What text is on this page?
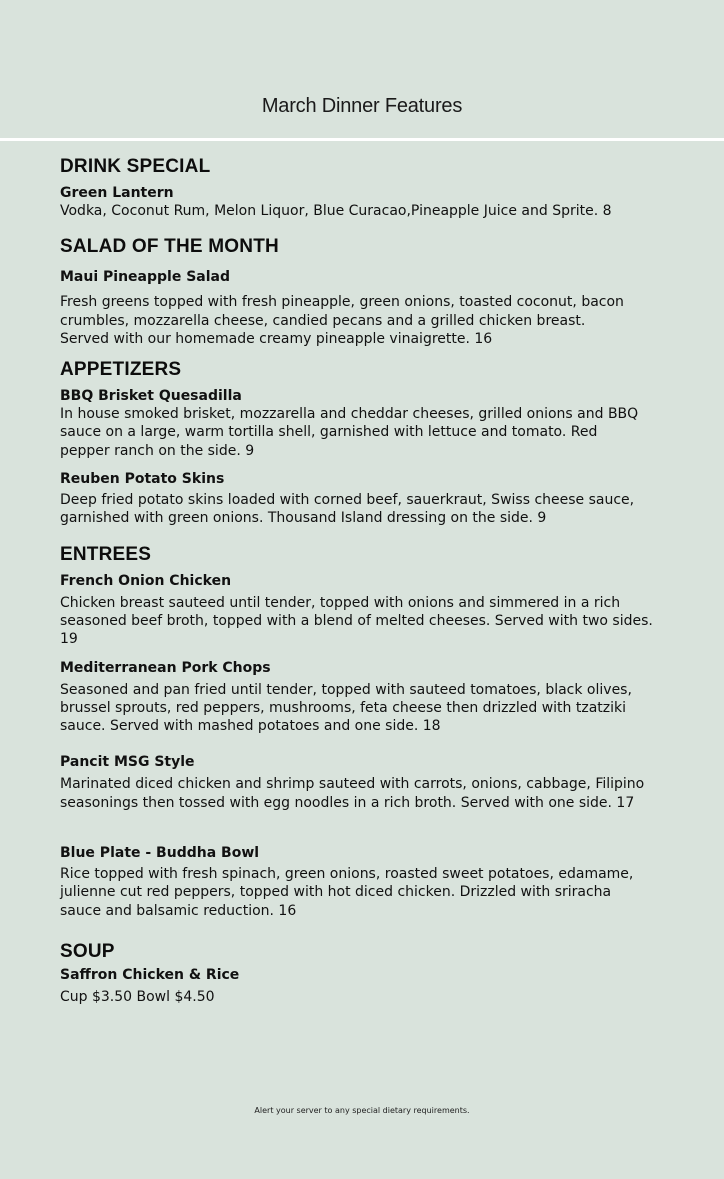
March Dinner Features
DRINK SPECIAL

Green Lantern

Vodka, Coconut Rum, Melon Liquor, Blue Curacao,Pineapple Juice and Sprite. 8

SALAD OF THE MONTH

Maui Pineapple Salad

Fresh greens topped with fresh pineapple, green onions, toasted coconut, bacon
crumbles, mozzarella cheese, candied pecans and a grilled chicken breast.
Served with our homemade creamy pineapple vinaigrette. 16

APPETIZERS

BBQ Brisket Quesadilla

In house smoked brisket, mozzarella and cheddar cheeses, grilled onions and BBQ
sauce on a large, warm tortilla shell, garnished with lettuce and tomato. Red
pepper ranch on the side. 9

Reuben Potato Skins

Deep fried potato skins loaded with corned beef, sauerkraut, Swiss cheese sauce,
garnished with green onions. Thousand Island dressing on the side. 9

ENTREES

French Onion Chicken

Chicken breast sauteed until tender, topped with onions and simmered in a rich
seasoned beef broth, topped with a blend of melted cheeses. Served with two sides.
19

Mediterranean Pork Chops

Seasoned and pan fried until tender, topped with sauteed tomatoes, black olives,
brussel sprouts, red peppers, mushrooms, feta cheese then drizzled with tzatziki
sauce. Served with mashed potatoes and one side. 18

Pancit MSG Style

Marinated diced chicken and shrimp sauteed with carrots, onions, cabbage, Filipino
seasonings then tossed with egg noodles in a rich broth. Served with one side. 17

Blue Plate - Buddha Bowl

Rice topped with fresh spinach, green onions, roasted sweet potatoes, edamame,
julienne cut red peppers, topped with hot diced chicken. Drizzled with sriracha
sauce and balsamic reduction. 16

SOUP

Saffron Chicken & Rice

Cup $3.50 Bowl $4.50

Alert your server to any special dietary requirements.
